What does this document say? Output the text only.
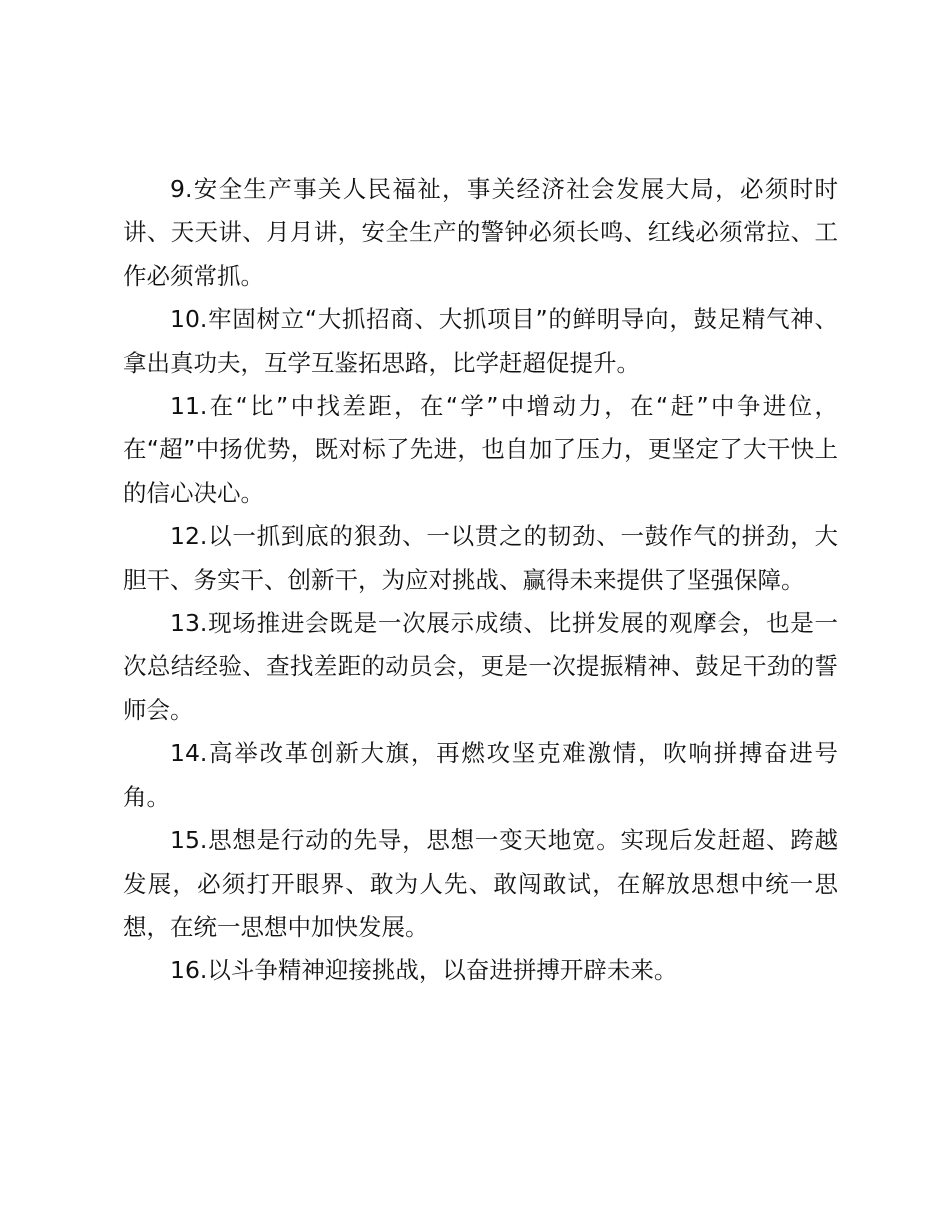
9.安全生产事关人民福祉，事关经济社会发展大局，必须时时讲、天天讲、月月讲，安全生产的警钟必须长鸣、红线必须常拉、工作必须常抓。

10.牢固树立“大抓招商、大抓项目”的鲜明导向，鼓足精气神、拿出真功夫，互学互鉴拓思路，比学赶超促提升。

11.在“比”中找差距，在“学”中增动力，在“赶”中争进位，在“超”中扬优势，既对标了先进，也自加了压力，更坚定了大干快上的信心决心。

12.以一抓到底的狠劲、一以贯之的韧劲、一鼓作气的拼劲，大胆干、务实干、创新干，为应对挑战、赢得未来提供了坚强保障。

13.现场推进会既是一次展示成绩、比拼发展的观摩会，也是一次总结经验、查找差距的动员会，更是一次提振精神、鼓足干劲的誓师会。

14.高举改革创新大旗，再燃攻坚克难激情，吹响拼搏奋进号角。

15.思想是行动的先导，思想一变天地宽。实现后发赶超、跨越发展，必须打开眼界、敢为人先、敢闯敢试，在解放思想中统一思想，在统一思想中加快发展。

16.以斗争精神迎接挑战，以奋进拼搏开辟未来。
